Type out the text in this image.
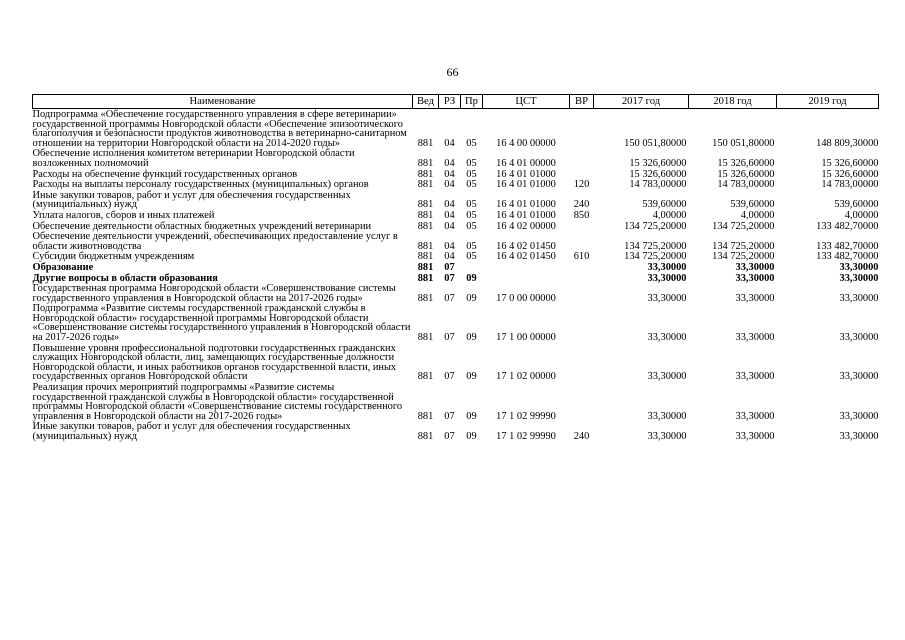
66
Наименование	Вед	РЗ	Пр	ЦСТ	ВР	2017 год	2018 год	2019 год
Подпрограмма «Обеспечение государственного управления в сфере ветеринарии» государственной программы Новгородской области «Обеспечение эпизоотического благополучия и безопасности продуктов животноводства в ветеринарно-санитарном отношении на территории Новгородской области на 2014-2020 годы»	881	04	05	16 4 00 00000		150 051,80000	150 051,80000	148 809,30000
Обеспечение исполнения комитетом ветеринарии Новгородской области возложенных полномочий	881	04	05	16 4 01 00000		15 326,60000	15 326,60000	15 326,60000
Расходы на обеспечение функций государственных органов	881	04	05	16 4 01 01000		15 326,60000	15 326,60000	15 326,60000
Расходы на выплаты персоналу государственных (муниципальных) органов	881	04	05	16 4 01 01000	120	14 783,00000	14 783,00000	14 783,00000
Иные закупки товаров, работ и услуг для обеспечения государственных (муниципальных) нужд	881	04	05	16 4 01 01000	240	539,60000	539,60000	539,60000
Уплата налогов, сборов и иных платежей	881	04	05	16 4 01 01000	850	4,00000	4,00000	4,00000
Обеспечение деятельности областных бюджетных учреждений ветеринарии	881	04	05	16 4 02 00000		134 725,20000	134 725,20000	133 482,70000
Обеспечение деятельности учреждений, обеспечивающих предоставление услуг в области животноводства	881	04	05	16 4 02 01450		134 725,20000	134 725,20000	133 482,70000
Субсидии бюджетным учреждениям	881	04	05	16 4 02 01450	610	134 725,20000	134 725,20000	133 482,70000
Образование	881	07				33,30000	33,30000	33,30000
Другие вопросы в области образования	881	07	09			33,30000	33,30000	33,30000
Государственная программа Новгородской области «Совершенствование системы государственного управления в Новгородской области на 2017-2026 годы»	881	07	09	17 0 00 00000		33,30000	33,30000	33,30000
Подпрограмма «Развитие системы государственной гражданской службы в Новгородской области» государственной программы Новгородской области «Совершенствование системы государственного управления в Новгородской области на 2017-2026 годы»	881	07	09	17 1 00 00000		33,30000	33,30000	33,30000
Повышение уровня профессиональной подготовки государственных гражданских служащих Новгородской области, лиц, замещающих государственные должности Новгородской области, и иных работников органов государственной власти, иных государственных органов Новгородской области	881	07	09	17 1 02 00000		33,30000	33,30000	33,30000
Реализация прочих мероприятий подпрограммы «Развитие системы государственной гражданской службы в Новгородской области» государственной программы Новгородской области «Совершенствование системы государственного управления в Новгородской области на 2017-2026 годы»	881	07	09	17 1 02 99990		33,30000	33,30000	33,30000
Иные закупки товаров, работ и услуг для обеспечения государственных (муниципальных) нужд	881	07	09	17 1 02 99990	240	33,30000	33,30000	33,30000
